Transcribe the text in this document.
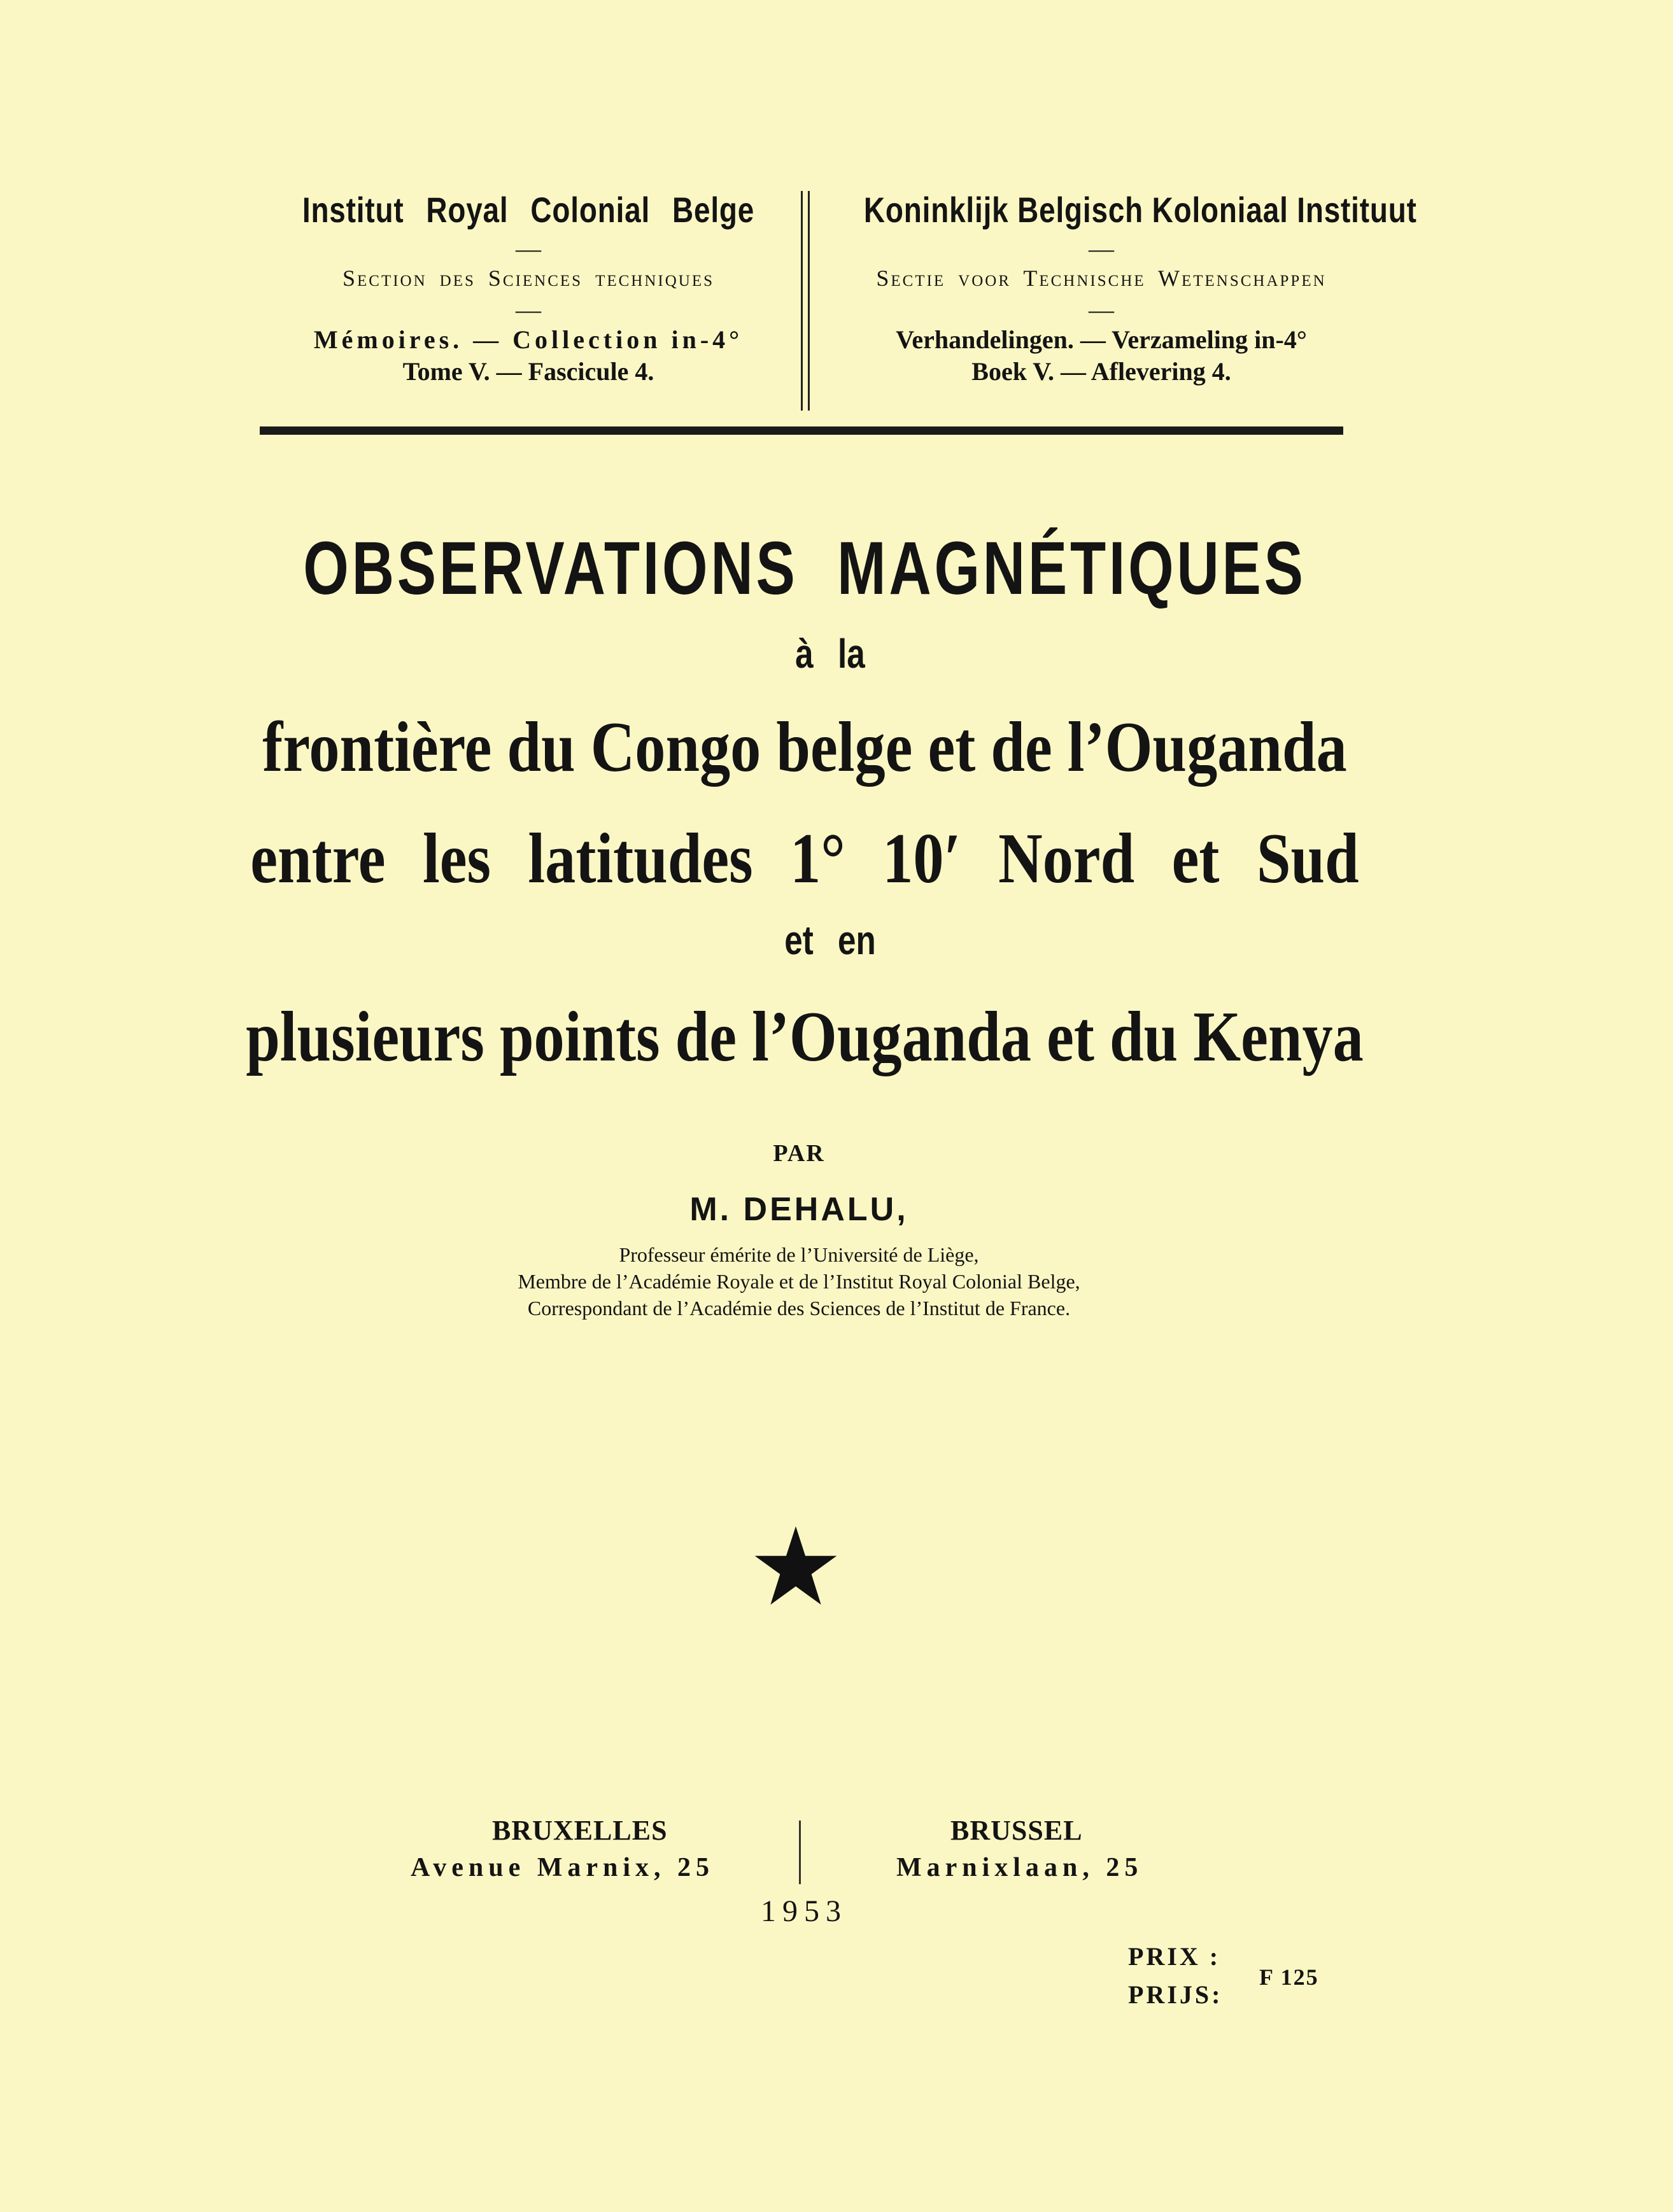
Institut Royal Colonial Belge
—
Section des Sciences techniques
—
Mémoires. — Collection in-4°
Tome V. — Fascicule 4.
Koninklijk Belgisch Koloniaal Instituut
—
Sectie voor Technische Wetenschappen
—
Verhandelingen. — Verzameling in-4°
Boek V. — Aflevering 4.
OBSERVATIONS MAGNÉTIQUES
à la
frontière du Congo belge et de l’Ouganda
entre les latitudes 1° 10′ Nord et Sud
et en
plusieurs points de l’Ouganda et du Kenya
PAR
M. DEHALU,
Professeur émérite de l’Université de Liège,
Membre de l’Académie Royale et de l’Institut Royal Colonial Belge,
Correspondant de l’Académie des Sciences de l’Institut de France.
BRUXELLES
Avenue Marnix, 25
BRUSSEL
Marnixlaan, 25
1953
PRIX :
PRIJS:
F 125
